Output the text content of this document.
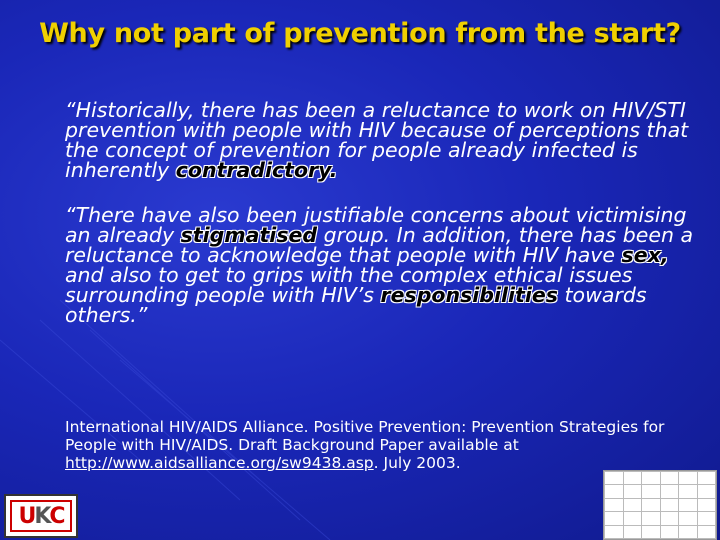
Why not part of prevention from the start?
“Historically, there has been a reluctance to work on HIV/STI prevention with people with HIV because of perceptions that the concept of prevention for people already infected is inherently contradictory.
“There have also been justifiable concerns about victimising an already stigmatised group. In addition, there has been a reluctance to acknowledge that people with HIV have sex, and also to get to grips with the complex ethical issues surrounding people with HIV’s responsibilities towards others.”
International HIV/AIDS Alliance. Positive Prevention: Prevention Strategies for People with HIV/AIDS. Draft Background Paper available at http://www.aidsalliance.org/sw9438.asp. July 2003.
U K C
